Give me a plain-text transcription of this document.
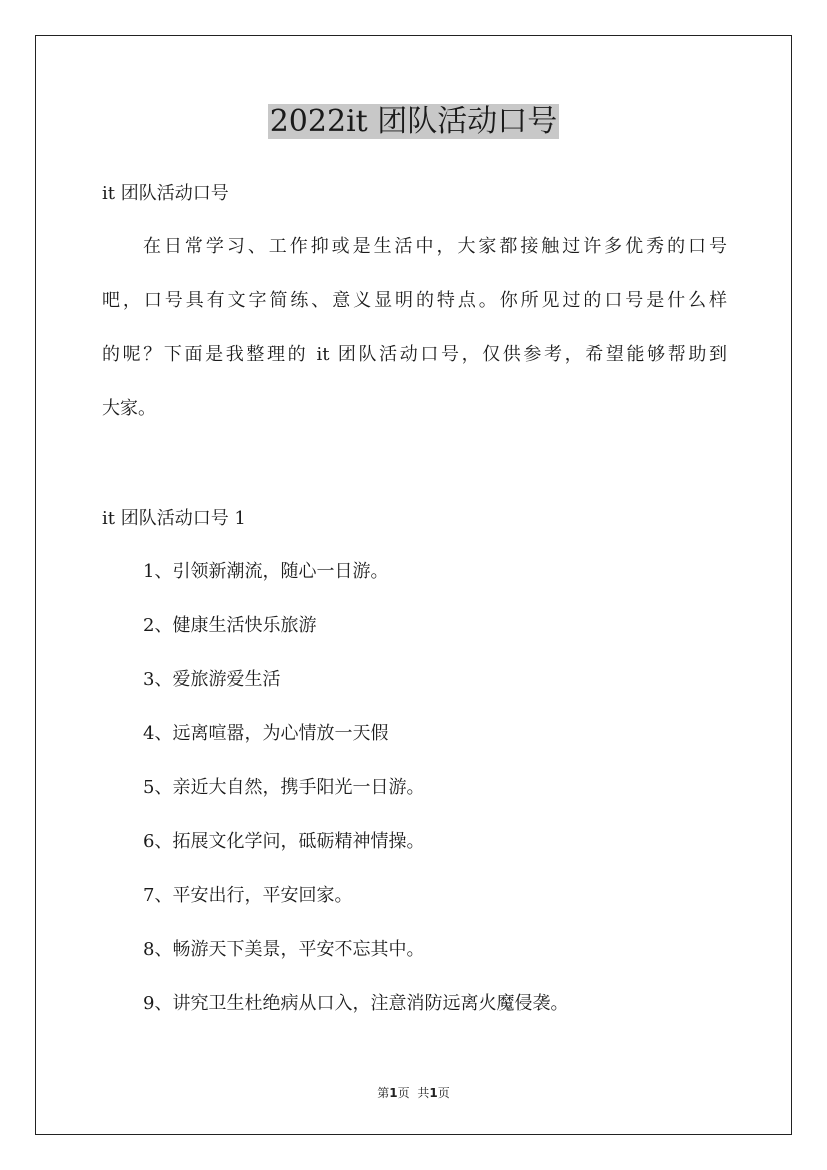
2022it 团队活动口号
it 团队活动口号
在日常学习、工作抑或是生活中，大家都接触过许多优秀的口号
吧，口号具有文字简练、意义显明的特点。你所见过的口号是什么样
的呢？下面是我整理的 it 团队活动口号，仅供参考，希望能够帮助到
大家。
it 团队活动口号 1
1、引领新潮流，随心一日游。
2、健康生活快乐旅游
3、爱旅游爱生活
4、远离喧嚣，为心情放一天假
5、亲近大自然，携手阳光一日游。
6、拓展文化学问，砥砺精神情操。
7、平安出行，平安回家。
8、畅游天下美景，平安不忘其中。
9、讲究卫生杜绝病从口入，注意消防远离火魔侵袭。
第1页 共1页
